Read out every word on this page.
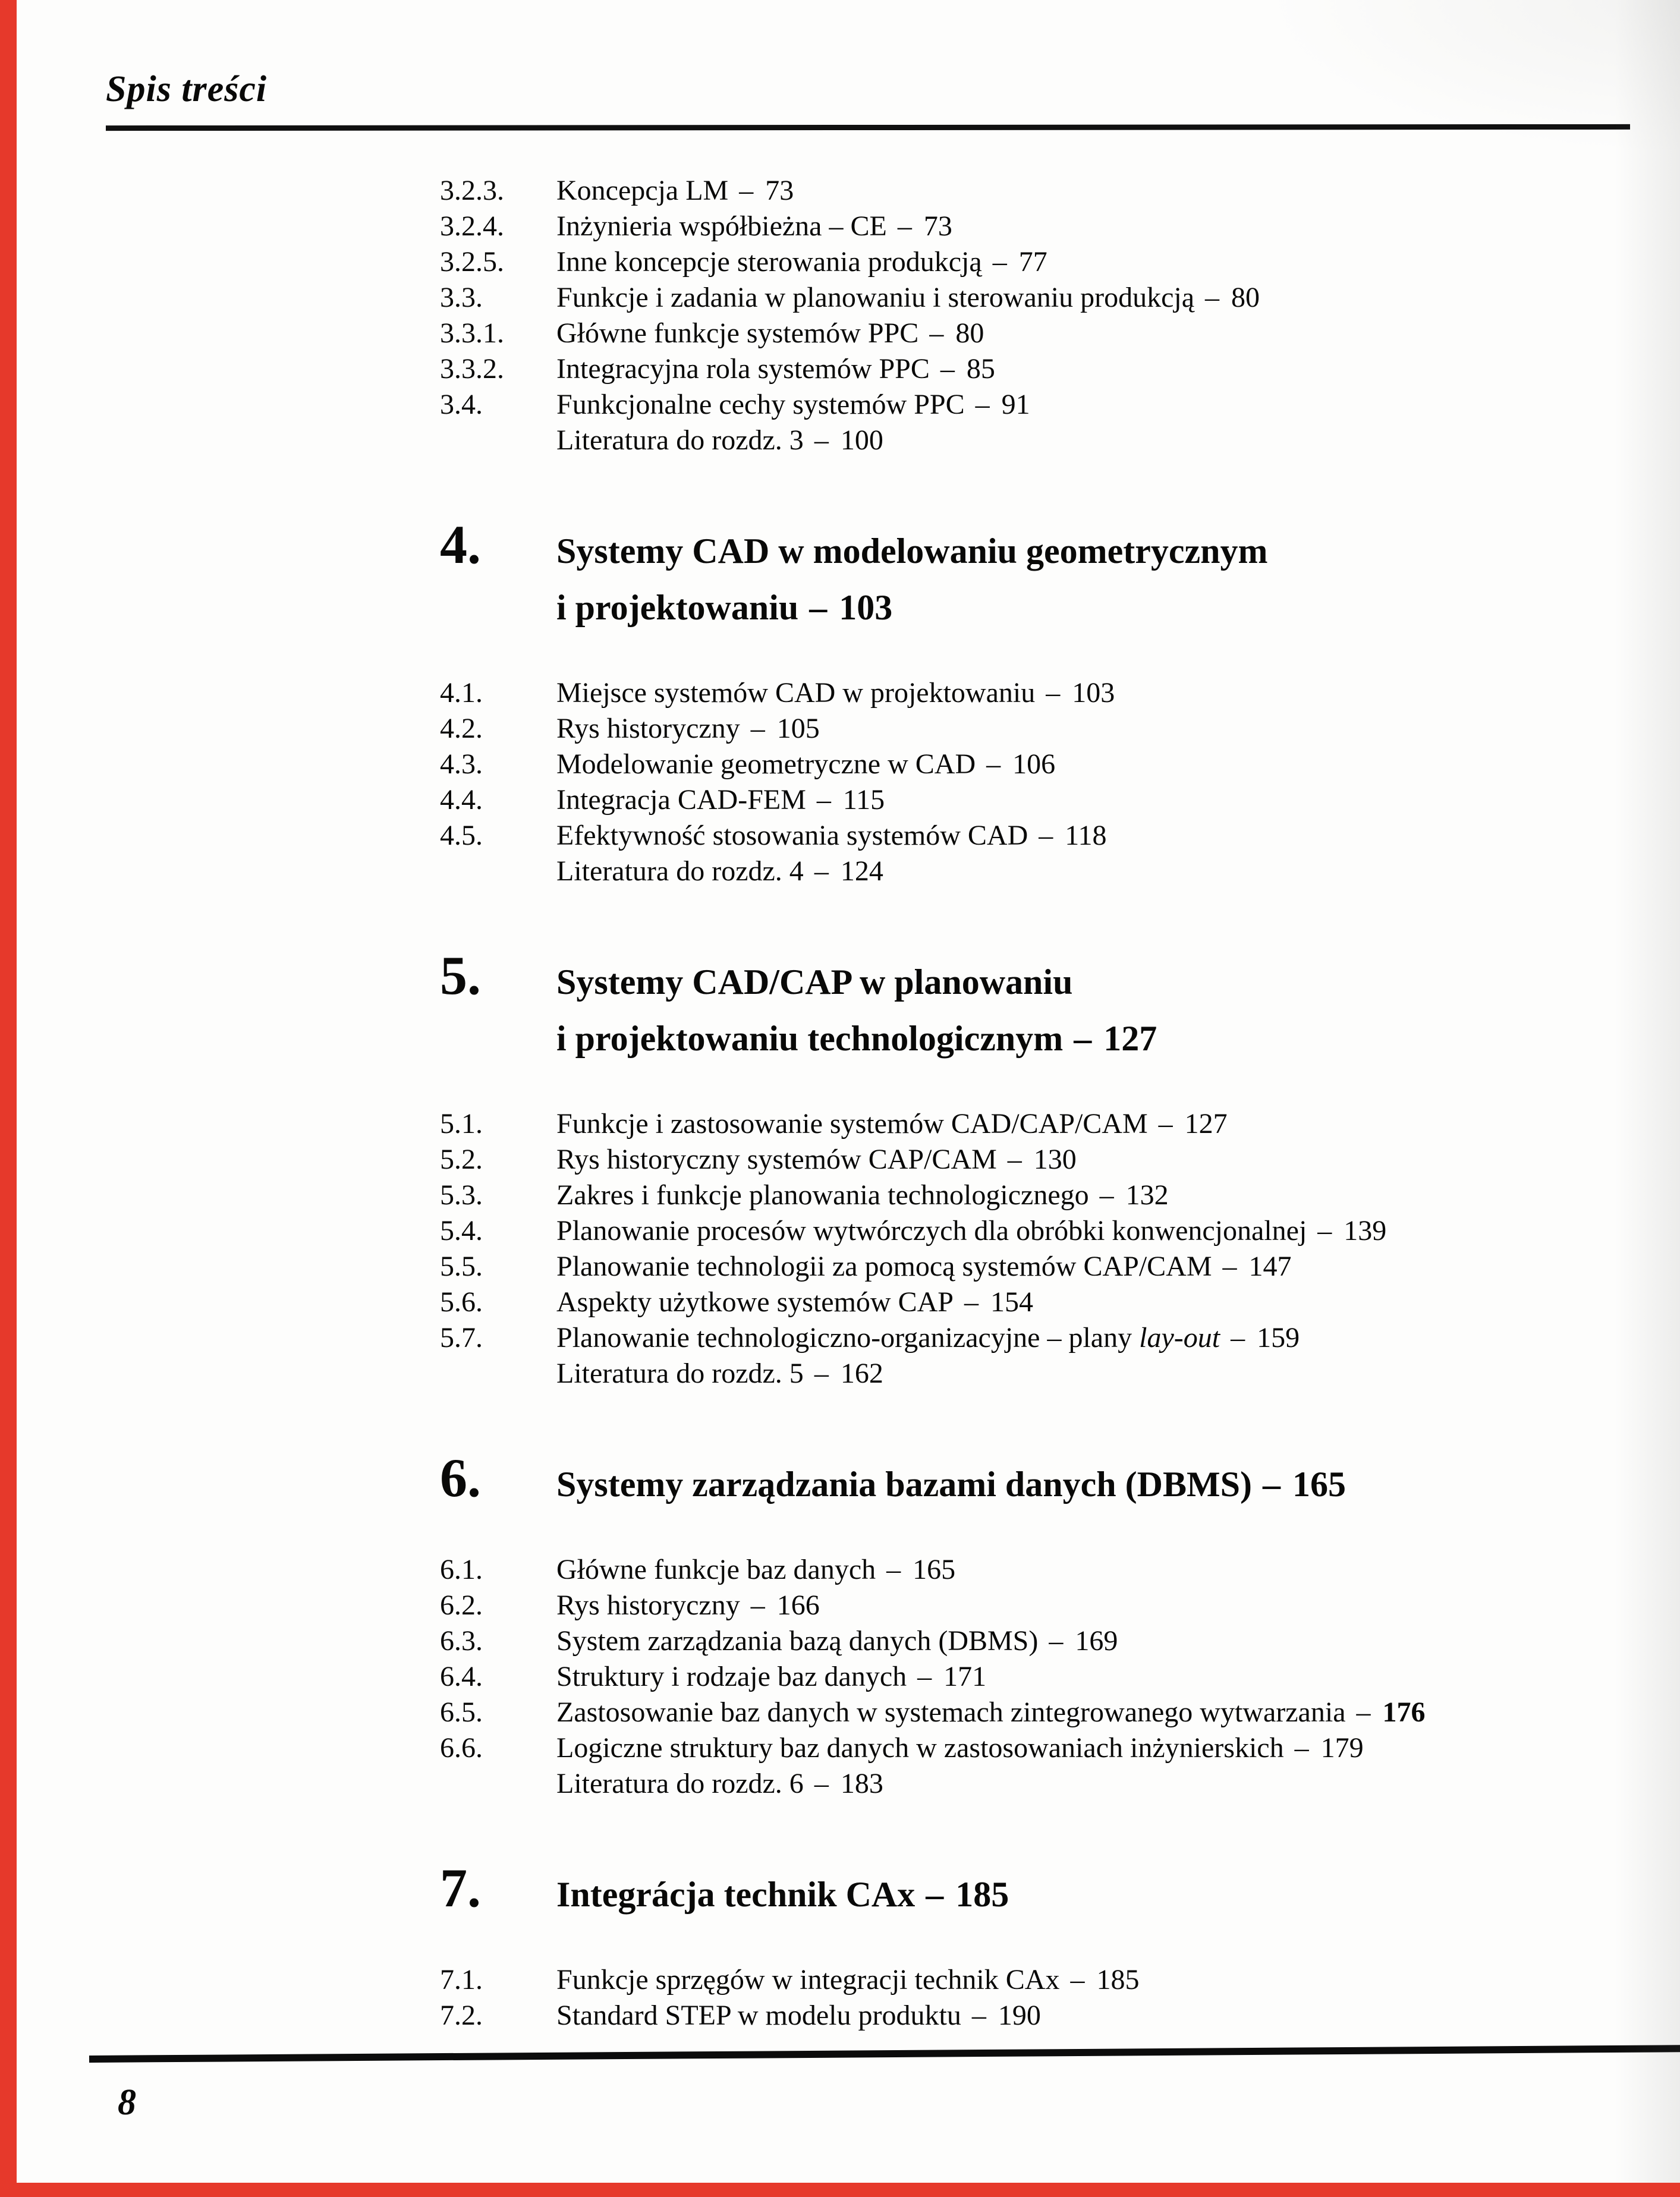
Spis treści
3.2.3.	Koncepcja LM – 73
3.2.4.	Inżynieria współbieżna – CE – 73
3.2.5.	Inne koncepcje sterowania produkcją – 77
3.3.	Funkcje i zadania w planowaniu i sterowaniu produkcją – 80
3.3.1.	Główne funkcje systemów PPC – 80
3.3.2.	Integracyjna rola systemów PPC – 85
3.4.	Funkcjonalne cechy systemów PPC – 91
Literatura do rozdz. 3 – 100
4.	Systemy CAD w modelowaniu geometrycznym
i projektowaniu – 103
4.1.	Miejsce systemów CAD w projektowaniu – 103
4.2.	Rys historyczny – 105
4.3.	Modelowanie geometryczne w CAD – 106
4.4.	Integracja CAD-FEM – 115
4.5.	Efektywność stosowania systemów CAD – 118
Literatura do rozdz. 4 – 124
5.	Systemy CAD/CAP w planowaniu
i projektowaniu technologicznym – 127
5.1.	Funkcje i zastosowanie systemów CAD/CAP/CAM – 127
5.2.	Rys historyczny systemów CAP/CAM – 130
5.3.	Zakres i funkcje planowania technologicznego – 132
5.4.	Planowanie procesów wytwórczych dla obróbki konwencjonalnej – 139
5.5.	Planowanie technologii za pomocą systemów CAP/CAM – 147
5.6.	Aspekty użytkowe systemów CAP – 154
5.7.	Planowanie technologiczno-organizacyjne – plany lay-out – 159
Literatura do rozdz. 5 – 162
6.	Systemy zarządzania bazami danych (DBMS) – 165
6.1.	Główne funkcje baz danych – 165
6.2.	Rys historyczny – 166
6.3.	System zarządzania bazą danych (DBMS) – 169
6.4.	Struktury i rodzaje baz danych – 171
6.5.	Zastosowanie baz danych w systemach zintegrowanego wytwarzania – 176
6.6.	Logiczne struktury baz danych w zastosowaniach inżynierskich – 179
Literatura do rozdz. 6 – 183
7.	Integrácja technik CAx – 185
7.1.	Funkcje sprzęgów w integracji technik CAx – 185
7.2.	Standard STEP w modelu produktu – 190
8
